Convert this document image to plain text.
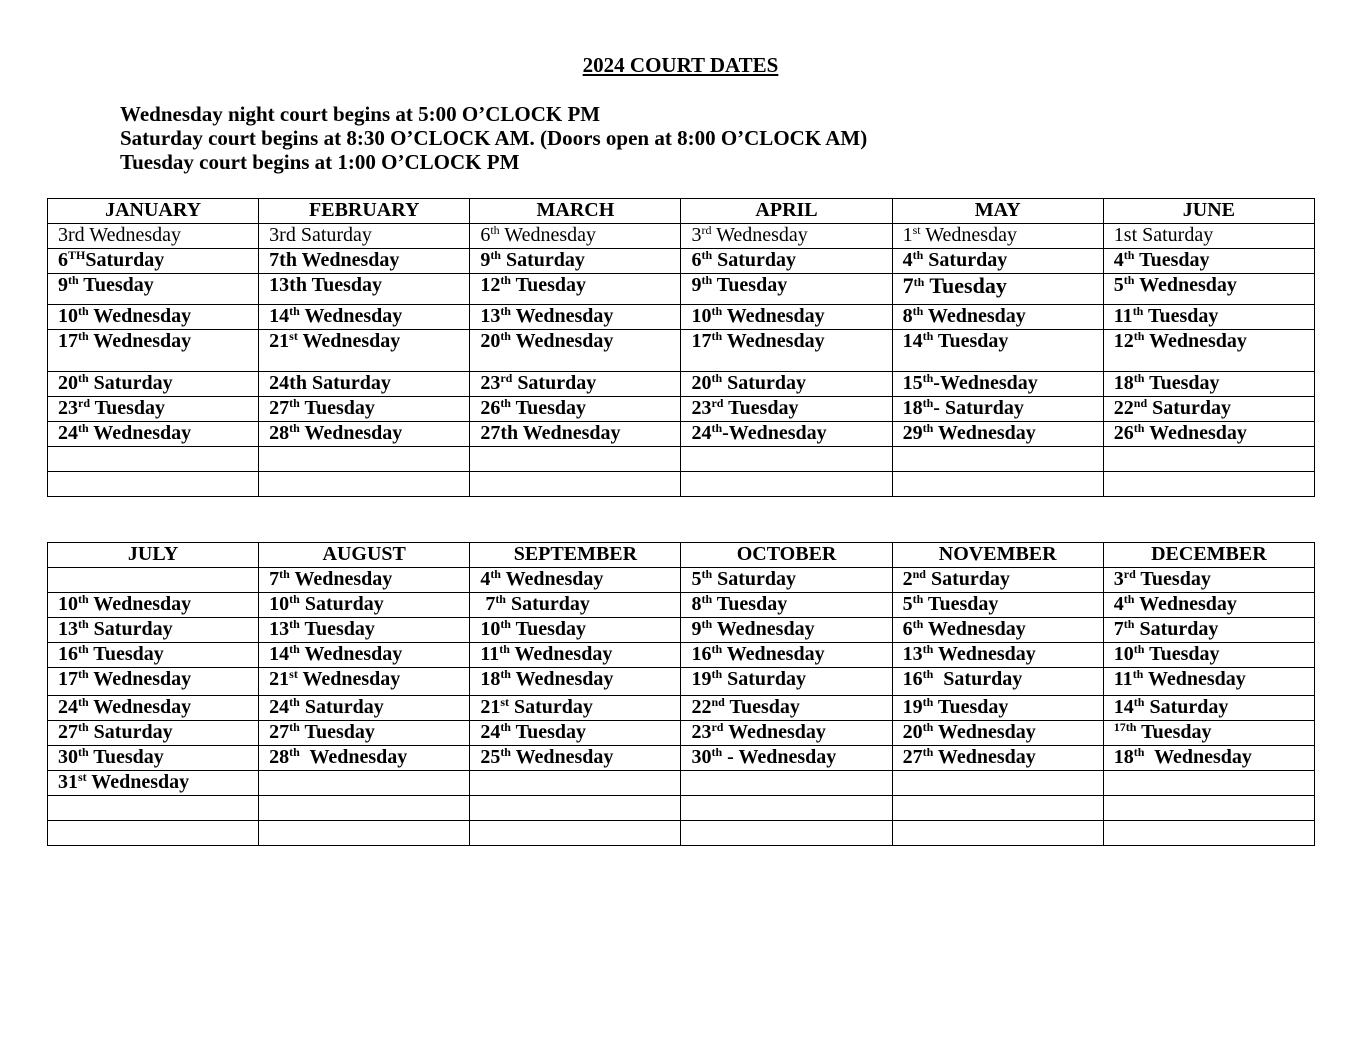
2024 COURT DATES
Wednesday night court begins at 5:00 O’CLOCK PM
Saturday court begins at 8:30 O’CLOCK AM. (Doors open at 8:00 O’CLOCK AM)
Tuesday court begins at 1:00 O’CLOCK PM
JANUARY	FEBRUARY	MARCH	APRIL	MAY	JUNE
3rd Wednesday	3rd Saturday	6th Wednesday	3rd Wednesday	1st Wednesday	1st Saturday
6THSaturday	7th Wednesday	9th Saturday	6th Saturday	4th Saturday	4th Tuesday
9th Tuesday	13th Tuesday	12th Tuesday	9th Tuesday	7th Tuesday	5th Wednesday
10th Wednesday	14th Wednesday	13th Wednesday	10th Wednesday	8th Wednesday	11th Tuesday
17th Wednesday	21st Wednesday	20th Wednesday	17th Wednesday	14th Tuesday	12th Wednesday
20th Saturday	24th Saturday	23rd Saturday	20th Saturday	15th-Wednesday	18th Tuesday
23rd Tuesday	27th Tuesday	26th Tuesday	23rd Tuesday	18th- Saturday	22nd Saturday
24th Wednesday	28th Wednesday	27th Wednesday	24th-Wednesday	29th Wednesday	26th Wednesday

JULY	AUGUST	SEPTEMBER	OCTOBER	NOVEMBER	DECEMBER
	7th Wednesday	4th Wednesday	5th Saturday	2nd Saturday	3rd Tuesday
10th Wednesday	10th Saturday	7th Saturday	8th Tuesday	5th Tuesday	4th Wednesday
13th Saturday	13th Tuesday	10th Tuesday	9th Wednesday	6th Wednesday	7th Saturday
16th Tuesday	14th Wednesday	11th Wednesday	16th Wednesday	13th Wednesday	10th Tuesday
17th Wednesday	21st Wednesday	18th Wednesday	19th Saturday	16th  Saturday	11th Wednesday
24th Wednesday	24th Saturday	21st Saturday	22nd Tuesday	19th Tuesday	14th Saturday
27th Saturday	27th Tuesday	24th Tuesday	23rd Wednesday	20th Wednesday	$^{17th}$ Tuesday
30th Tuesday	28th  Wednesday	25th Wednesday	30th - Wednesday	27th Wednesday	18th  Wednesday
31st Wednesday					
